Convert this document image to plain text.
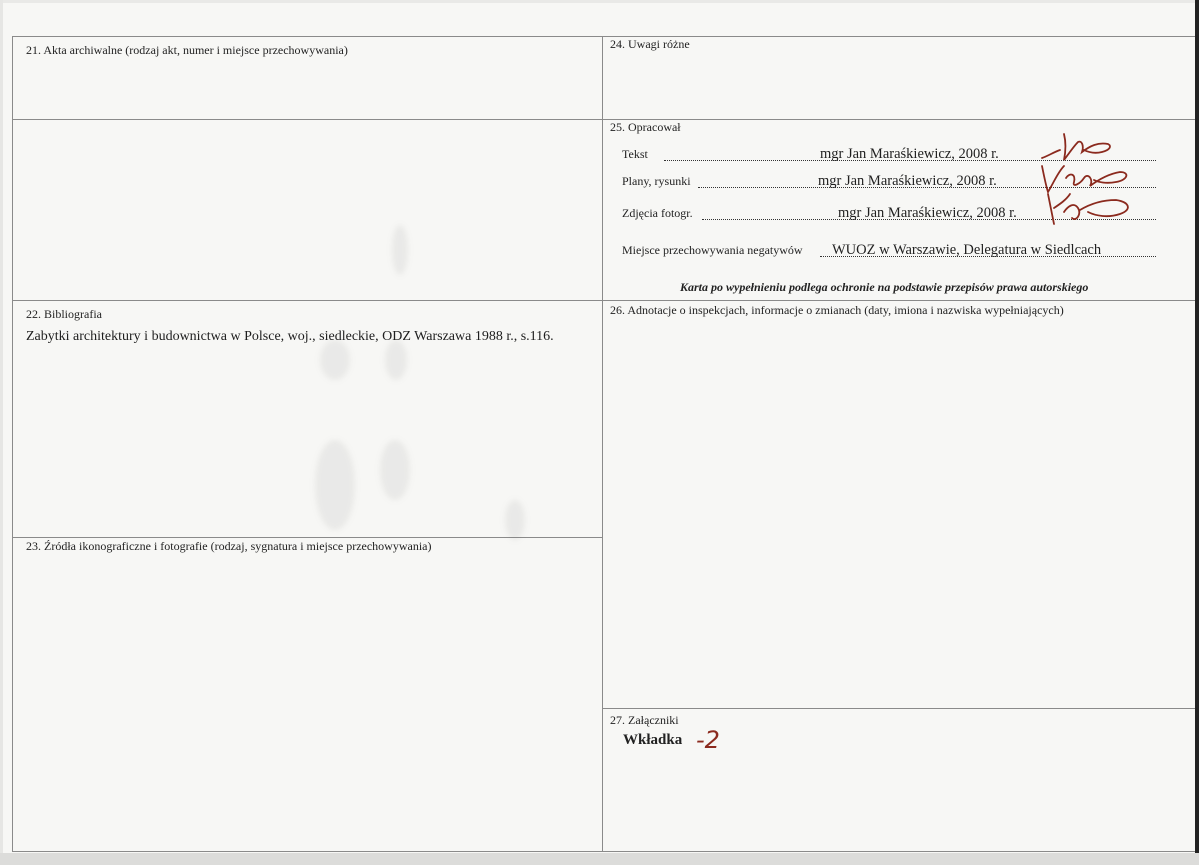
21. Akta archiwalne (rodzaj akt, numer i miejsce przechowywania)	24. Uwagi różne
25. Opracował
22. Bibliografia
Zabytki architektury i budownictwa w Polsce, woj., siedleckie, ODZ Warszawa 1988 r., s.116.
26. Adnotacje o inspekcjach, informacje o zmianach (daty, imiona i nazwiska wypełniających)
23. Źródła ikonograficzne i fotografie (rodzaj, sygnatura i miejsce przechowywania)
27. Załączniki
Tekst	mgr Jan Maraśkiewicz, 2008 r.
Plany, rysunki	mgr Jan Maraśkiewicz, 2008 r.
Zdjęcia fotogr.	mgr Jan Maraśkiewicz, 2008 r.
Miejsce przechowywania negatywów WUOZ w Warszawie, Delegatura w Siedlcach
Karta po wypełnieniu podlega ochronie na podstawie przepisów prawa autorskiego
Wkładka -2
